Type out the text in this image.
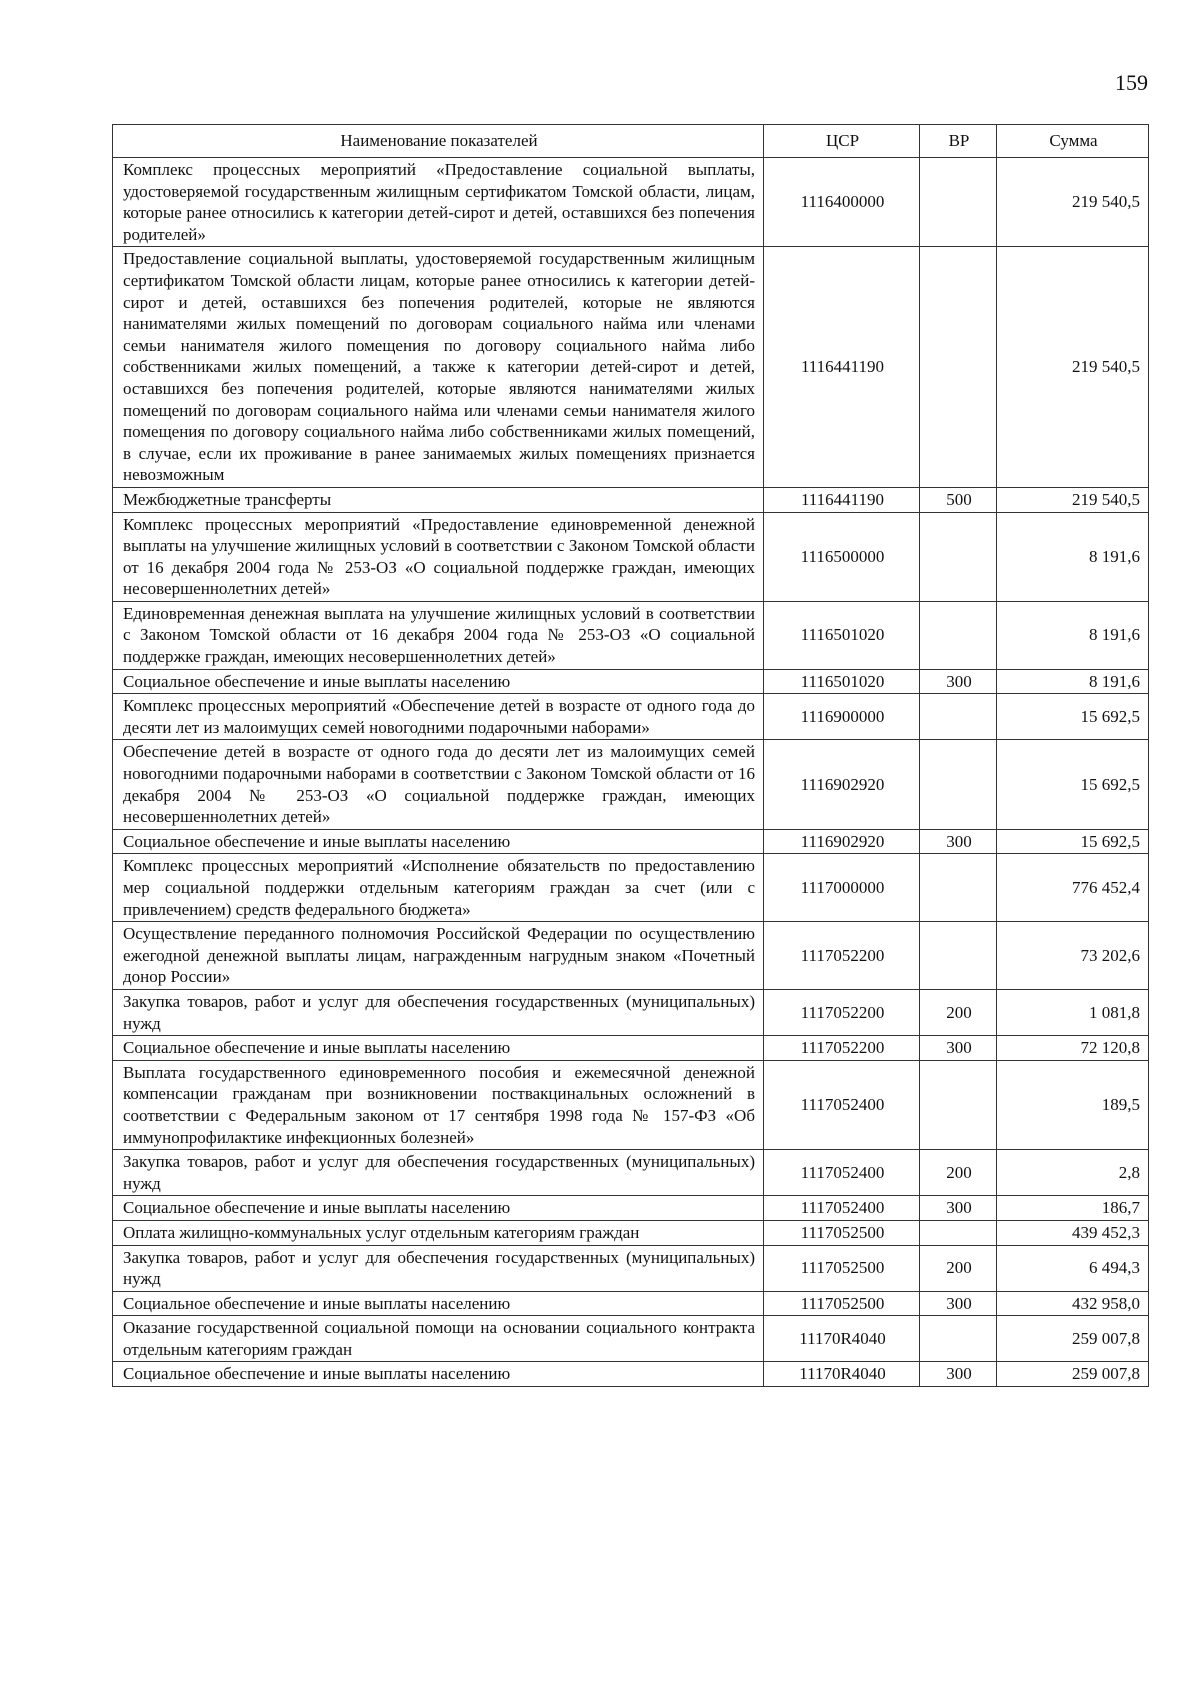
159
Наименование показателей	ЦСР	ВР	Сумма
Комплекс процессных мероприятий «Предоставление социальной выплаты, удостоверяемой государственным жилищным сертификатом Томской области, лицам, которые ранее относились к категории детей-сирот и детей, оставшихся без попечения родителей»	1116400000		219 540,5
Предоставление социальной выплаты, удостоверяемой государственным жилищным сертификатом Томской области лицам, которые ранее относились к категории детей-сирот и детей, оставшихся без попечения родителей, которые не являются нанимателями жилых помещений по договорам социального найма или членами семьи нанимателя жилого помещения по договору социального найма либо собственниками жилых помещений, а также к категории детей-сирот и детей, оставшихся без попечения родителей, которые являются нанимателями жилых помещений по договорам социального найма или членами семьи нанимателя жилого помещения по договору социального найма либо собственниками жилых помещений, в случае, если их проживание в ранее занимаемых жилых помещениях признается невозможным	1116441190		219 540,5
Межбюджетные трансферты	1116441190	500	219 540,5
Комплекс процессных мероприятий «Предоставление единовременной денежной выплаты на улучшение жилищных условий в соответствии с Законом Томской области от 16 декабря 2004 года № 253-ОЗ «О социальной поддержке граждан, имеющих несовершеннолетних детей»	1116500000		8 191,6
Единовременная денежная выплата на улучшение жилищных условий в соответствии с Законом Томской области от 16 декабря 2004 года № 253-ОЗ «О социальной поддержке граждан, имеющих несовершеннолетних детей»	1116501020		8 191,6
Социальное обеспечение и иные выплаты населению	1116501020	300	8 191,6
Комплекс процессных мероприятий «Обеспечение детей в возрасте от одного года до десяти лет из малоимущих семей новогодними подарочными наборами»	1116900000		15 692,5
Обеспечение детей в возрасте от одного года до десяти лет из малоимущих семей новогодними подарочными наборами в соответствии с Законом Томской области от 16 декабря 2004 № 253-ОЗ «О социальной поддержке граждан, имеющих несовершеннолетних детей»	1116902920		15 692,5
Социальное обеспечение и иные выплаты населению	1116902920	300	15 692,5
Комплекс процессных мероприятий «Исполнение обязательств по предоставлению мер социальной поддержки отдельным категориям граждан за счет (или с привлечением) средств федерального бюджета»	1117000000		776 452,4
Осуществление переданного полномочия Российской Федерации по осуществлению ежегодной денежной выплаты лицам, награжденным нагрудным знаком «Почетный донор России»	1117052200		73 202,6
Закупка товаров, работ и услуг для обеспечения государственных (муниципальных) нужд	1117052200	200	1 081,8
Социальное обеспечение и иные выплаты населению	1117052200	300	72 120,8
Выплата государственного единовременного пособия и ежемесячной денежной компенсации гражданам при возникновении поствакцинальных осложнений в соответствии с Федеральным законом от 17 сентября 1998 года № 157-ФЗ «Об иммунопрофилактике инфекционных болезней»	1117052400		189,5
Закупка товаров, работ и услуг для обеспечения государственных (муниципальных) нужд	1117052400	200	2,8
Социальное обеспечение и иные выплаты населению	1117052400	300	186,7
Оплата жилищно-коммунальных услуг отдельным категориям граждан	1117052500		439 452,3
Закупка товаров, работ и услуг для обеспечения государственных (муниципальных) нужд	1117052500	200	6 494,3
Социальное обеспечение и иные выплаты населению	1117052500	300	432 958,0
Оказание государственной социальной помощи на основании социального контракта отдельным категориям граждан	11170R4040		259 007,8
Социальное обеспечение и иные выплаты населению	11170R4040	300	259 007,8
